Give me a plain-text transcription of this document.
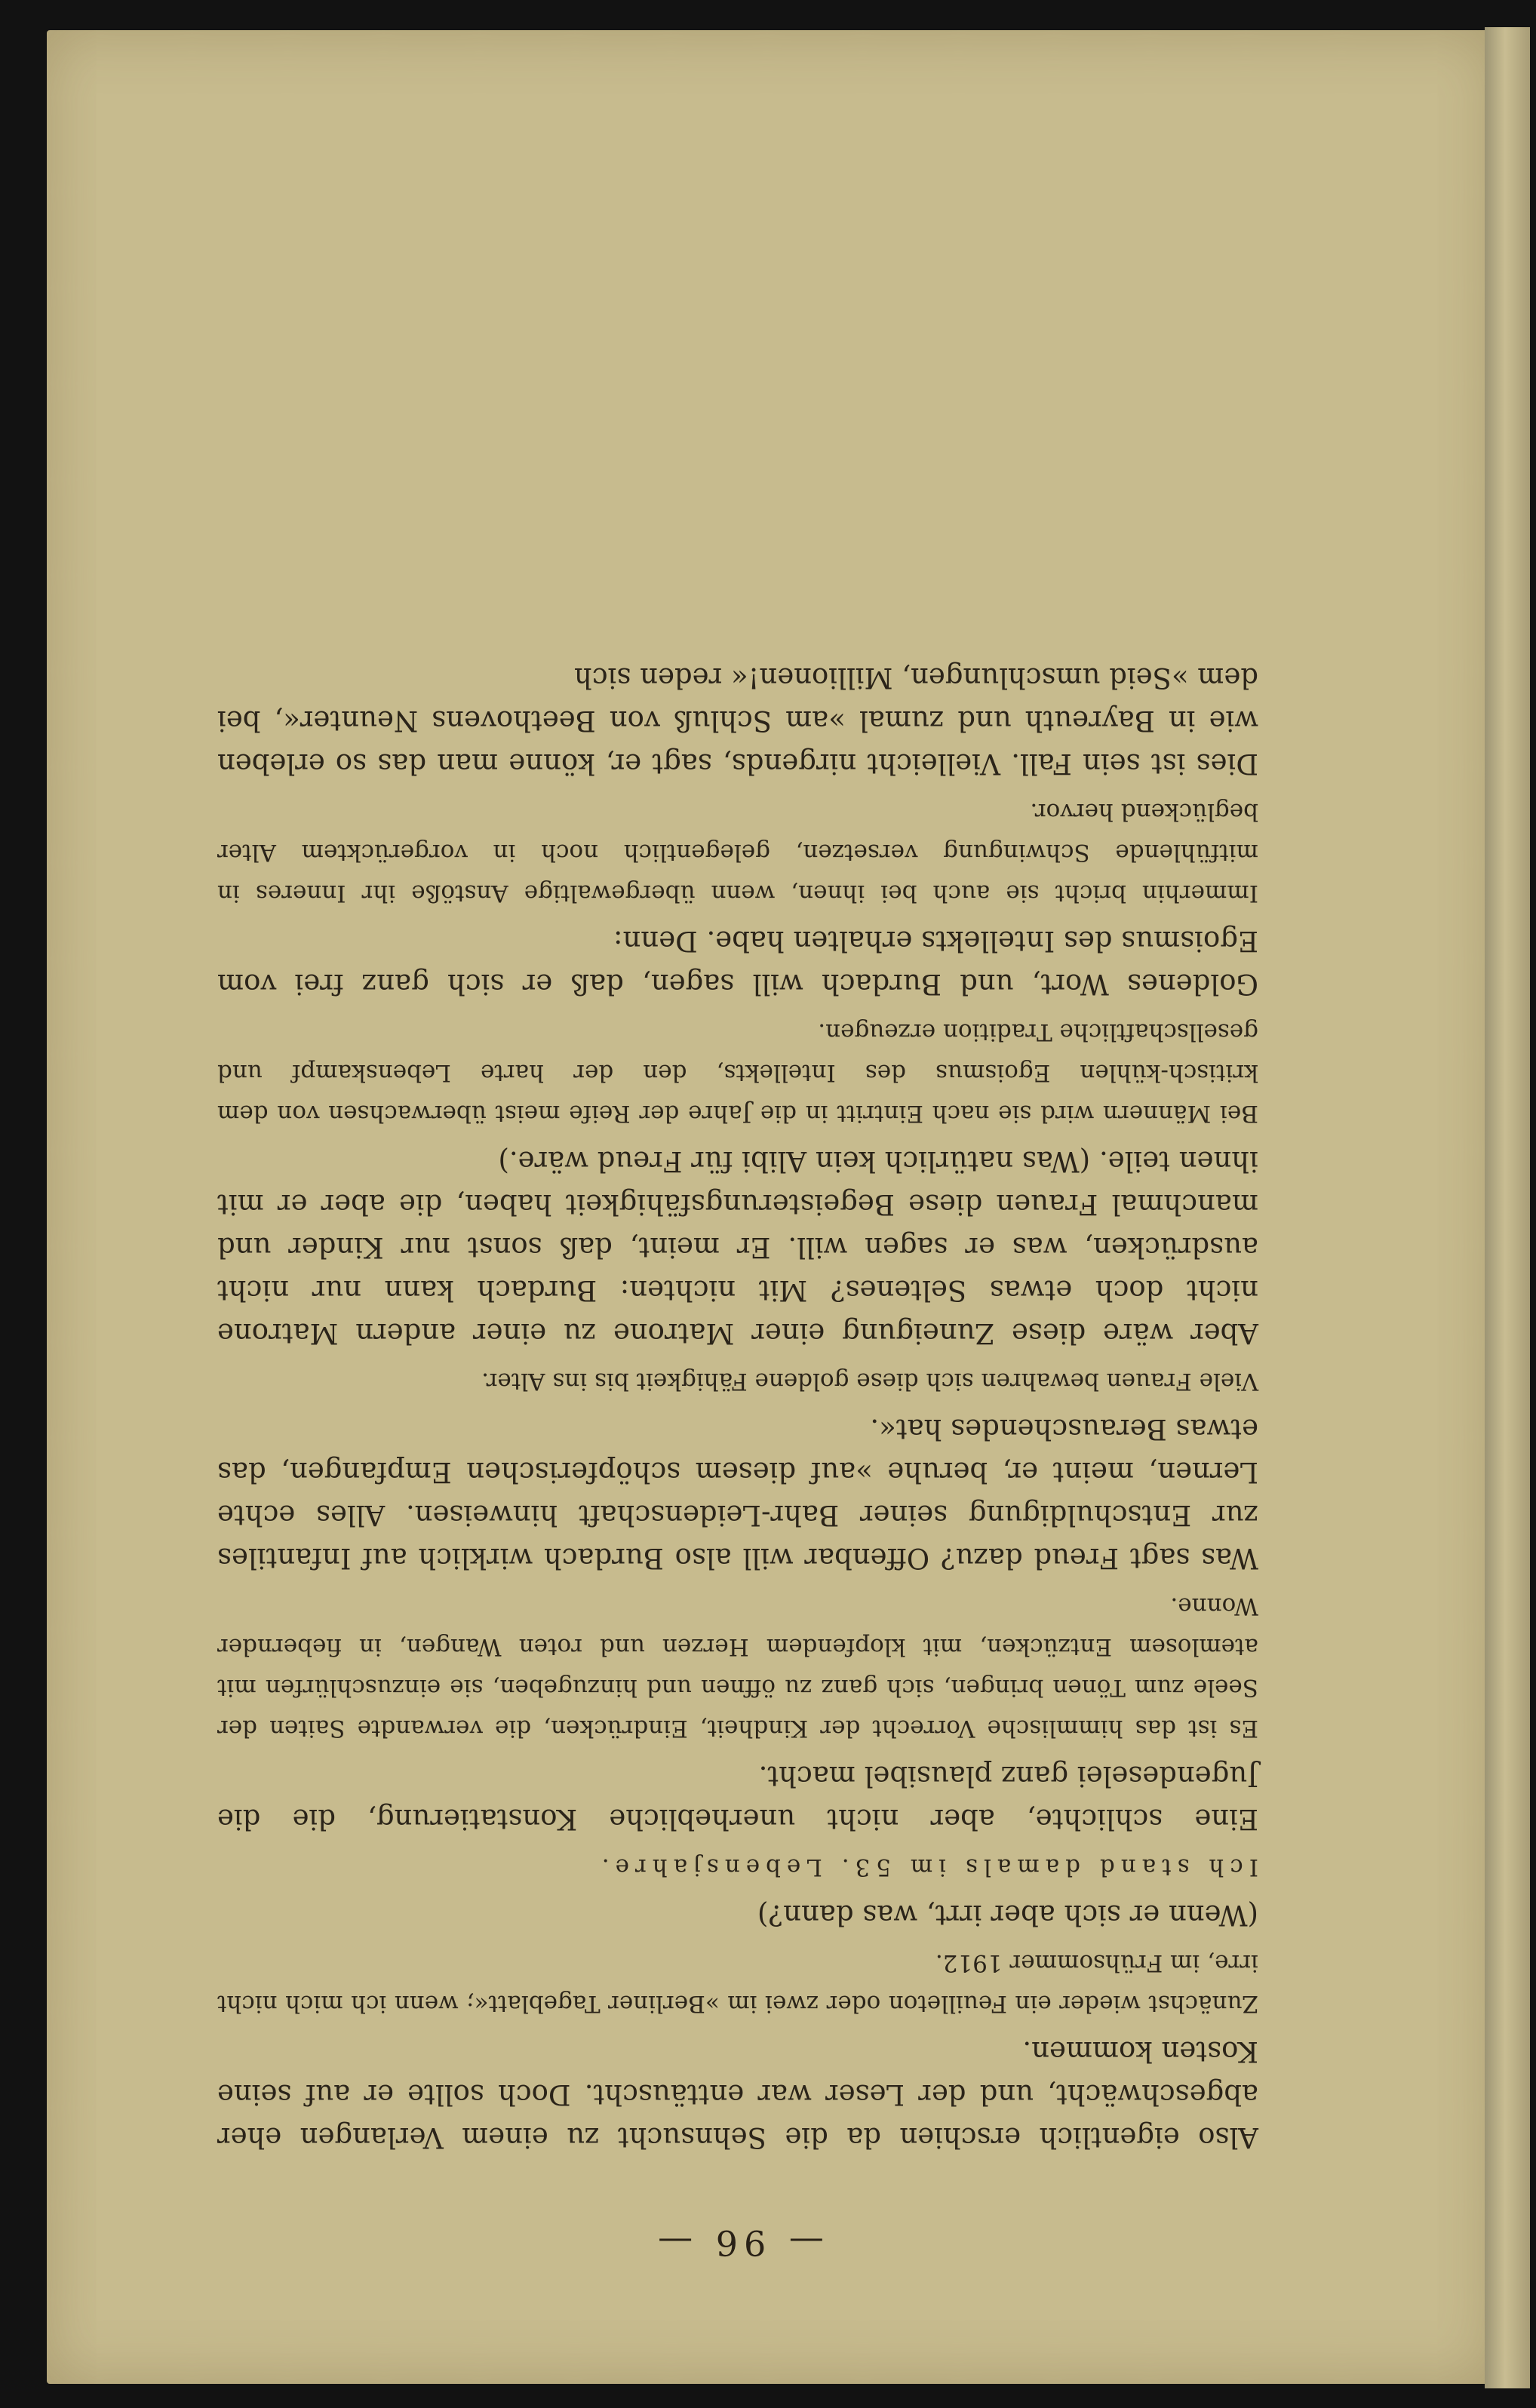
— 96 —

Also eigentlich erschien da die Sehnsucht zu einem Verlangen eher abgeschwächt, und der Leser war enttäuscht. Doch sollte er auf seine Kosten kommen.

Zunächst wieder ein Feuilleton oder zwei im »Berliner Tageblatt«; wenn ich mich nicht irre, im Frühsommer 1912.

(Wenn er sich aber irrt, was dann?)

Ich stand damals im 53. Lebensjahre.

Eine schlichte, aber nicht unerhebliche Konstatierung, die die Jugendeselei ganz plausibel macht.

Es ist das himmlische Vorrecht der Kindheit, Eindrücken, die verwandte Saiten der Seele zum Tönen bringen, sich ganz zu öffnen und hinzugeben, sie einzuschlürfen mit atemlosem Entzücken, mit klopfendem Herzen und roten Wangen, in fiebernder Wonne.

Was sagt Freud dazu? Offenbar will also Burdach wirklich auf Infantiles zur Entschuldigung seiner Bahr-Leidenschaft hinweisen. Alles echte Lernen, meint er, beruhe »auf diesem schöpferischen Empfangen, das etwas Berauschendes hat«.

Viele Frauen bewahren sich diese goldene Fähigkeit bis ins Alter.

Aber wäre diese Zuneigung einer Matrone zu einer andern Matrone nicht doch etwas Seltenes? Mit nichten: Burdach kann nur nicht ausdrücken, was er sagen will. Er meint, daß sonst nur Kinder und manchmal Frauen diese Begeisterungsfähigkeit haben, die aber er mit ihnen teile. (Was natürlich kein Alibi für Freud wäre.)

Bei Männern wird sie nach Eintritt in die Jahre der Reife meist überwachsen von dem kritisch-kühlen Egoismus des Intellekts, den der harte Lebenskampf und gesellschaftliche Tradition erzeugen.

Goldenes Wort, und Burdach will sagen, daß er sich ganz frei vom Egoismus des Intellekts erhalten habe. Denn:

Immerhin bricht sie auch bei ihnen, wenn übergewaltige Anstöße ihr Inneres in mitfühlende Schwingung versetzen, gelegentlich noch in vorgerücktem Alter beglückend hervor.

Dies ist sein Fall. Vielleicht nirgends, sagt er, könne man das so erleben wie in Bayreuth und zumal »am Schluß von Beethovens Neunter«, bei dem »Seid umschlungen, Millionen!« reden sich
